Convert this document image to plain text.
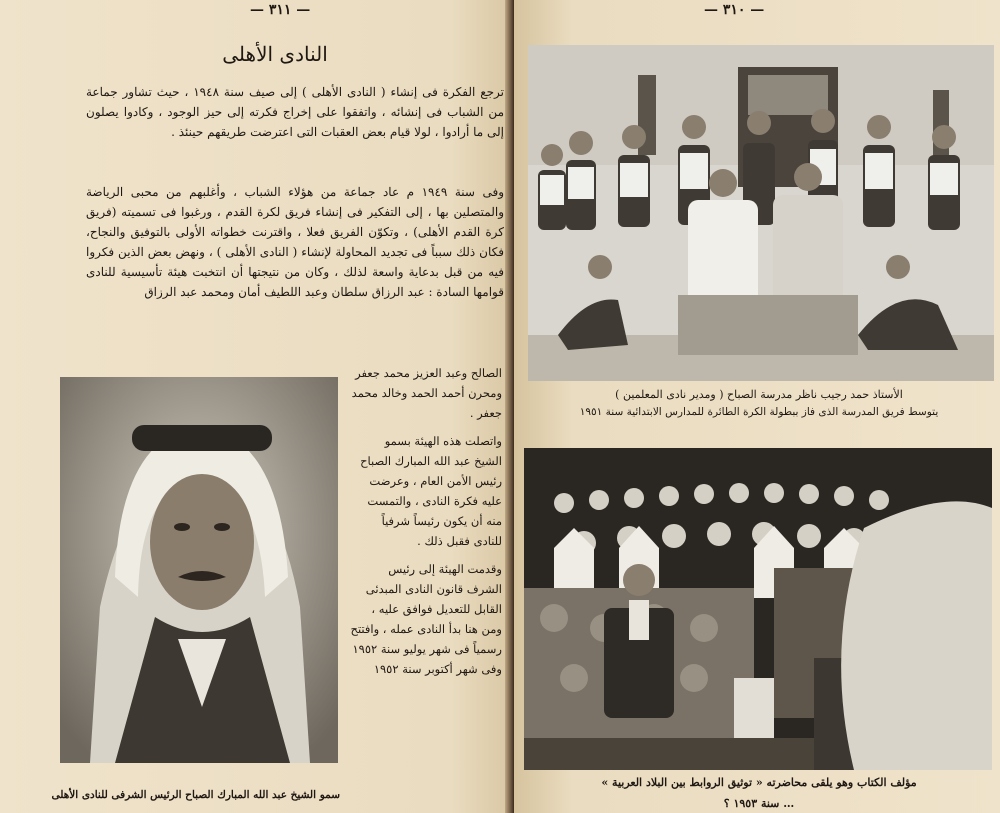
— ٣١١ —
النادى الأهلى

ترجع الفكرة فى إنشاء ( النادى الأهلى ) إلى صيف سنة ١٩٤٨ ، حيث تشاور جماعة من الشباب فى إنشائه ، واتفقوا على إخراج فكرته إلى حيز الوجود ، وكادوا يصلون إلى ما أرادوا ، لولا قيام بعض العقبات التى اعترضت طريقهم حينئذ .

وفى سنة ١٩٤٩ م عاد جماعة من هؤلاء الشباب ، وأغلبهم من محبى الرياضة والمتصلين بها ، إلى التفكير فى إنشاء فريق لكرة القدم ، ورغبوا فى تسميته (فريق كرة القدم الأهلى) ، وتكوّن الفريق فعلا ، واقترنت خطواته الأولى بالتوفيق والنجاح، فكان ذلك سبباً فى تجديد المحاولة لإنشاء ( النادى الأهلى ) ، ونهض بعض الذين فكروا فيه من قبل بدعاية واسعة لذلك ، وكان من نتيجتها أن انتخبت هيئة تأسيسية للنادى قوامها السادة : عبد الرزاق سلطان وعبد اللطيف أمان ومحمد عبد الرزاق

الصالح وعبد العزيز محمد جعفر
ومحرن أحمد الحمد وخالد محمد
جعفر .
واتصلت هذه الهيئة بسمو
الشيخ عبد الله المبارك الصباح
رئيس الأمن العام ، وعرضت
عليه فكرة النادى ، والتمست
منه أن يكون رئيساً شرفياً
للنادى فقبل ذلك .
وقدمت الهيئة إلى رئيس
الشرف قانون النادى المبدئى
القابل للتعديل فوافق عليه ،
ومن هنا بدأ النادى عمله ، وافتتح
رسمياً فى شهر يوليو سنة ١٩٥٢
وفى شهر أكتوبر سنة ١٩٥٢

سمو الشيخ عبد الله المبارك الصباح الرئيس الشرفى للنادى الأهلى

— ٣١٠ —

الأستاذ حمد رجيب ناظر مدرسة الصباح ( ومدير نادى المعلمين )

يتوسط فريق المدرسة الذى فاز ببطولة الكرة الطائرة للمدارس الابتدائية سنة ١٩٥١

مؤلف الكتاب وهو يلقى محاضرته « توثيق الروابط بين البلاد العربية »

… سنة ١٩٥٣ ؟
